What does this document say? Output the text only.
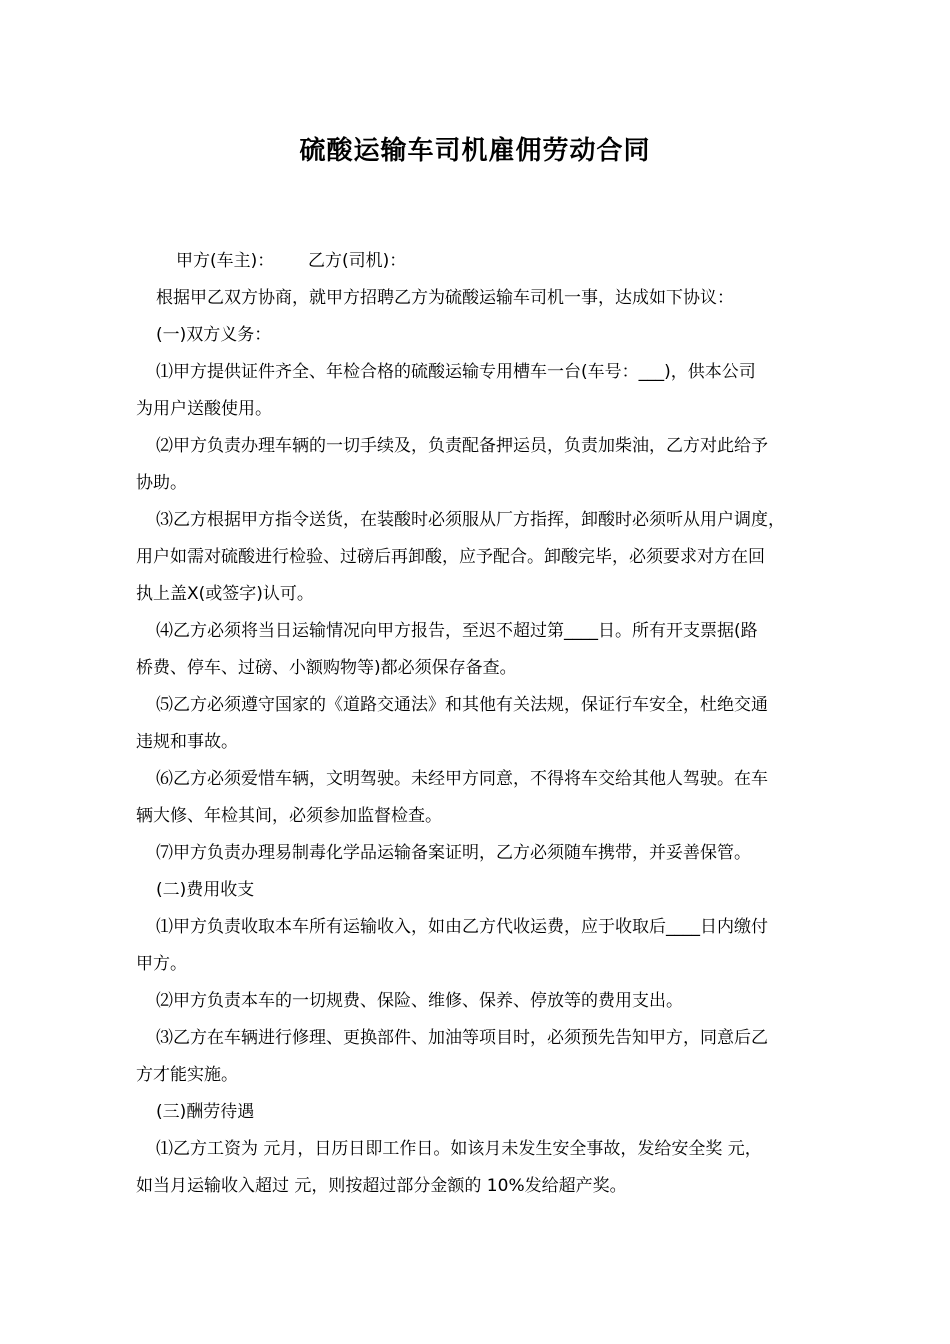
硫酸运输车司机雇佣劳动合同

甲方(车主)： 乙方(司机)：

根据甲乙双方协商，就甲方招聘乙方为硫酸运输车司机一事，达成如下协议：

(一)双方义务：

⑴甲方提供证件齐全、年检合格的硫酸运输专用槽车一台(车号：___)，供本公司
为用户送酸使用。

⑵甲方负责办理车辆的一切手续及，负责配备押运员，负责加柴油，乙方对此给予
协助。

⑶乙方根据甲方指令送货，在装酸时必须服从厂方指挥，卸酸时必须听从用户调度，
用户如需对硫酸进行检验、过磅后再卸酸，应予配合。卸酸完毕，必须要求对方在回
执上盖X(或签字)认可。

⑷乙方必须将当日运输情况向甲方报告，至迟不超过第____日。所有开支票据(路
桥费、停车、过磅、小额购物等)都必须保存备查。

⑸乙方必须遵守国家的《道路交通法》和其他有关法规，保证行车安全，杜绝交通
违规和事故。

⑹乙方必须爱惜车辆，文明驾驶。未经甲方同意，不得将车交给其他人驾驶。在车
辆大修、年检其间，必须参加监督检查。

⑺甲方负责办理易制毒化学品运输备案证明，乙方必须随车携带，并妥善保管。

(二)费用收支

⑴甲方负责收取本车所有运输收入，如由乙方代收运费，应于收取后____日内缴付
甲方。

⑵甲方负责本车的一切规费、保险、维修、保养、停放等的费用支出。

⑶乙方在车辆进行修理、更换部件、加油等项目时，必须预先告知甲方，同意后乙
方才能实施。

(三)酬劳待遇

⑴乙方工资为 元月，日历日即工作日。如该月未发生安全事故，发给安全奖 元，
如当月运输收入超过 元，则按超过部分金额的 10%发给超产奖。
